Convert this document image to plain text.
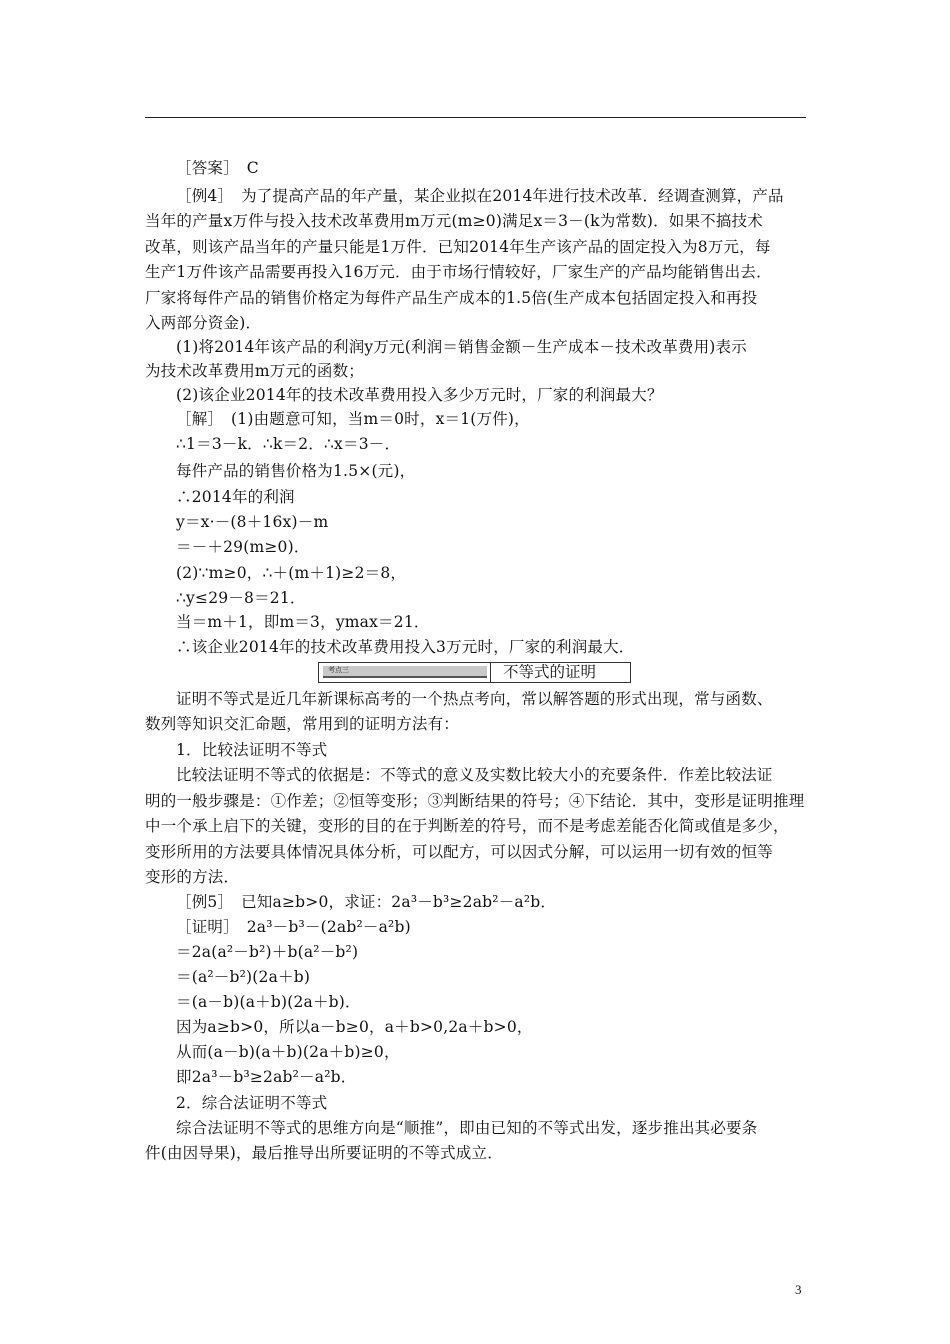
［答案］　C
［例4］　为了提高产品的年产量，某企业拟在2014年进行技术改革．经调查测算，产品
当年的产量x万件与投入技术改革费用m万元(m≥0)满足x＝3－(k为常数)．如果不搞技术
改革，则该产品当年的产量只能是1万件．已知2014年生产该产品的固定投入为8万元，每
生产1万件该产品需要再投入16万元．由于市场行情较好，厂家生产的产品均能销售出去．
厂家将每件产品的销售价格定为每件产品生产成本的1.5倍(生产成本包括固定投入和再投
入两部分资金)．
(1)将2014年该产品的利润y万元(利润＝销售金额－生产成本－技术改革费用)表示
为技术改革费用m万元的函数；
(2)该企业2014年的技术改革费用投入多少万元时，厂家的利润最大？
［解］　(1)由题意可知，当m＝0时，x＝1(万件)，
∴1＝3－k．∴k＝2．∴x＝3－．
每件产品的销售价格为1.5×(元)，
∴2014年的利润
y＝x·－(8＋16x)－m
＝－＋29(m≥0)．
(2)∵m≥0，∴＋(m＋1)≥2＝8，
∴y≤29－8＝21．
当＝m＋1，即m＝3，ymax＝21．
∴该企业2014年的技术改革费用投入3万元时，厂家的利润最大．
考点三	不等式的证明
证明不等式是近几年新课标高考的一个热点考向，常以解答题的形式出现，常与函数、
数列等知识交汇命题，常用到的证明方法有：
1．比较法证明不等式
比较法证明不等式的依据是：不等式的意义及实数比较大小的充要条件．作差比较法证
明的一般步骤是：①作差；②恒等变形；③判断结果的符号；④下结论．其中，变形是证明推理
中一个承上启下的关键，变形的目的在于判断差的符号，而不是考虑差能否化简或值是多少，
变形所用的方法要具体情况具体分析，可以配方，可以因式分解，可以运用一切有效的恒等
变形的方法．
［例5］　已知a≥b>0，求证：2a³－b³≥2ab²－a²b．
［证明］　2a³－b³－(2ab²－a²b)
＝2a(a²－b²)＋b(a²－b²)
＝(a²－b²)(2a＋b)
＝(a－b)(a＋b)(2a＋b)．
因为a≥b>0，所以a－b≥0，a＋b>0,2a＋b>0，
从而(a－b)(a＋b)(2a＋b)≥0，
即2a³－b³≥2ab²－a²b．
2．综合法证明不等式
综合法证明不等式的思维方向是“顺推”，即由已知的不等式出发，逐步推出其必要条
件(由因导果)，最后推导出所要证明的不等式成立．
3
